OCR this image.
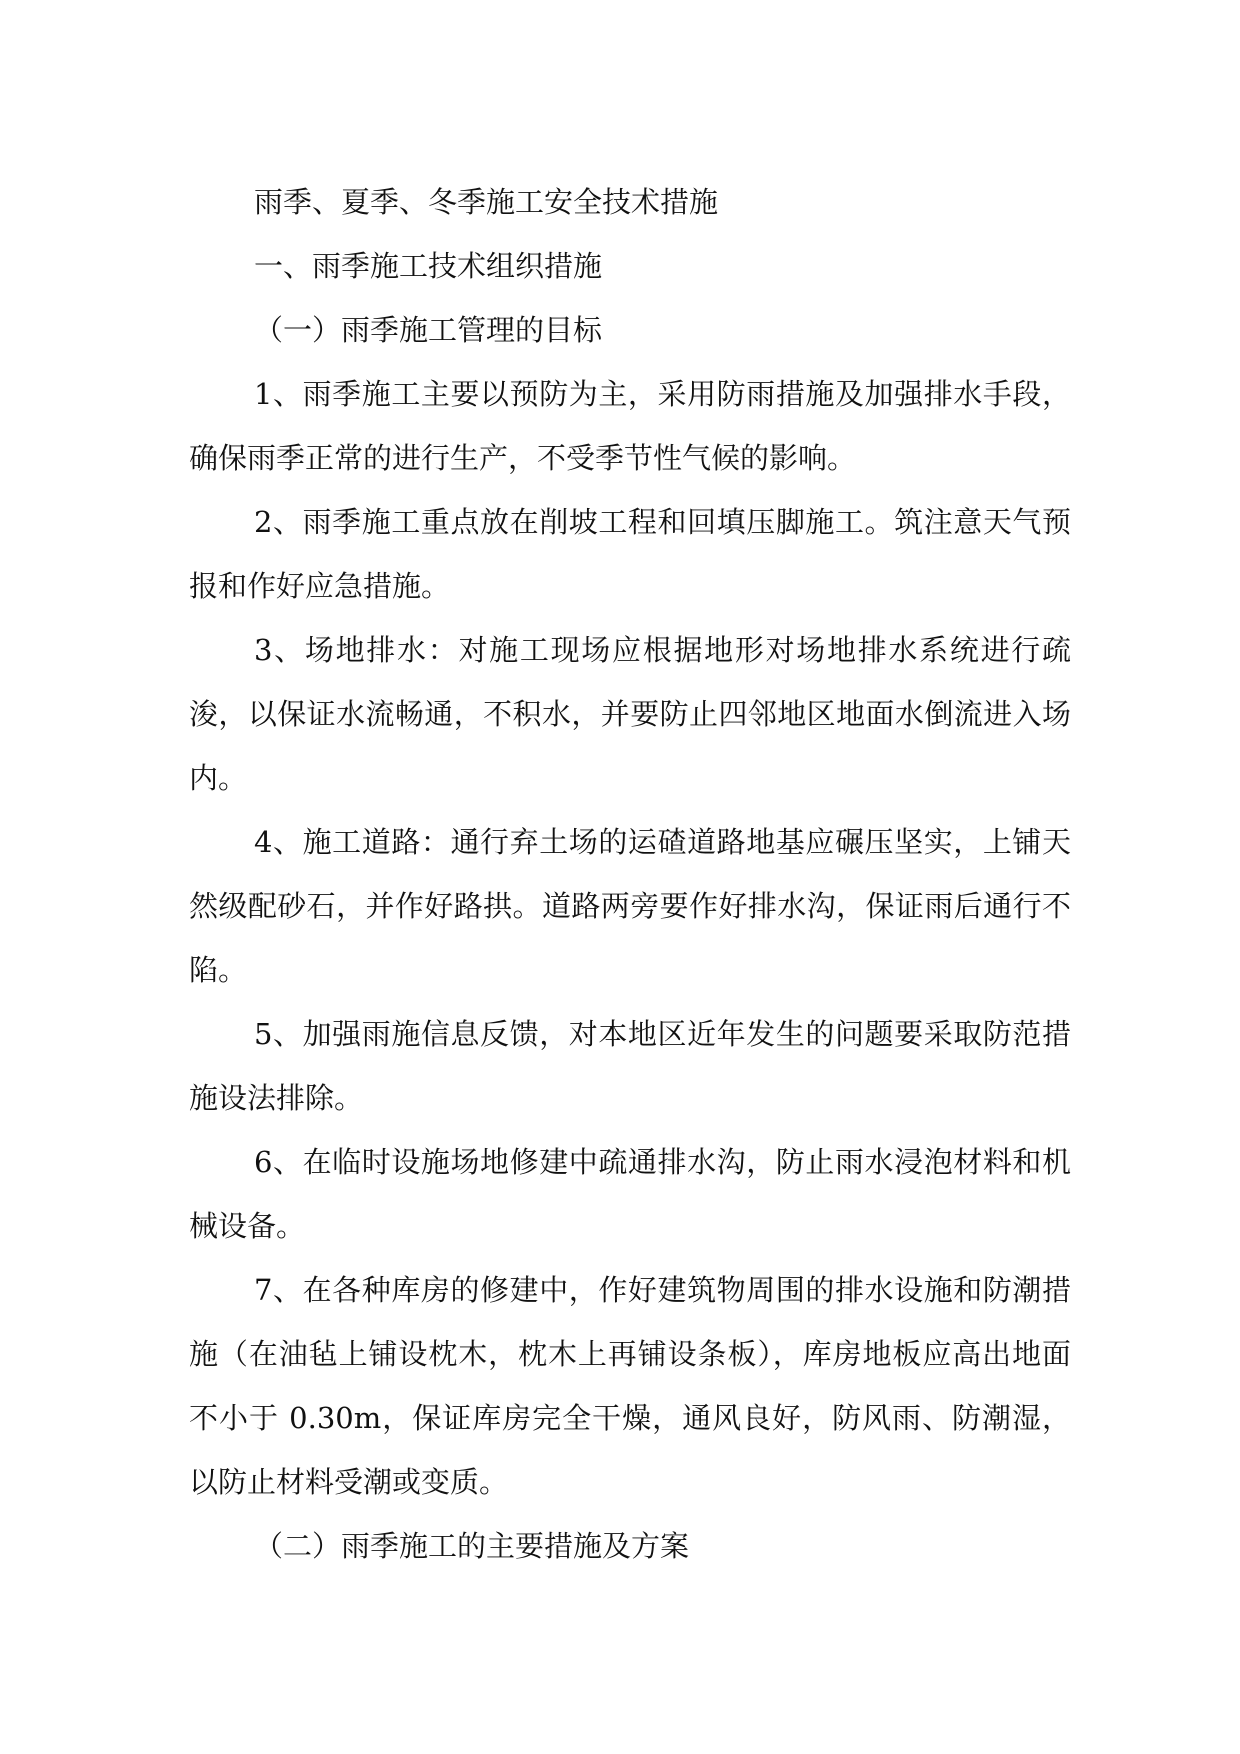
雨季、夏季、冬季施工安全技术措施

一、雨季施工技术组织措施

（一）雨季施工管理的目标

1、雨季施工主要以预防为主，采用防雨措施及加强排水手段，确保雨季正常的进行生产，不受季节性气候的影响。

2、雨季施工重点放在削坡工程和回填压脚施工。筑注意天气预报和作好应急措施。

3、场地排水：对施工现场应根据地形对场地排水系统进行疏浚，以保证水流畅通，不积水，并要防止四邻地区地面水倒流进入场内。

4、施工道路：通行弃土场的运碴道路地基应碾压坚实，上铺天然级配砂石，并作好路拱。道路两旁要作好排水沟，保证雨后通行不陷。

5、加强雨施信息反馈，对本地区近年发生的问题要采取防范措施设法排除。

6、在临时设施场地修建中疏通排水沟，防止雨水浸泡材料和机械设备。

7、在各种库房的修建中，作好建筑物周围的排水设施和防潮措施（在油毡上铺设枕木，枕木上再铺设条板），库房地板应高出地面不小于 0.30m，保证库房完全干燥，通风良好，防风雨、防潮湿，以防止材料受潮或变质。

（二）雨季施工的主要措施及方案
